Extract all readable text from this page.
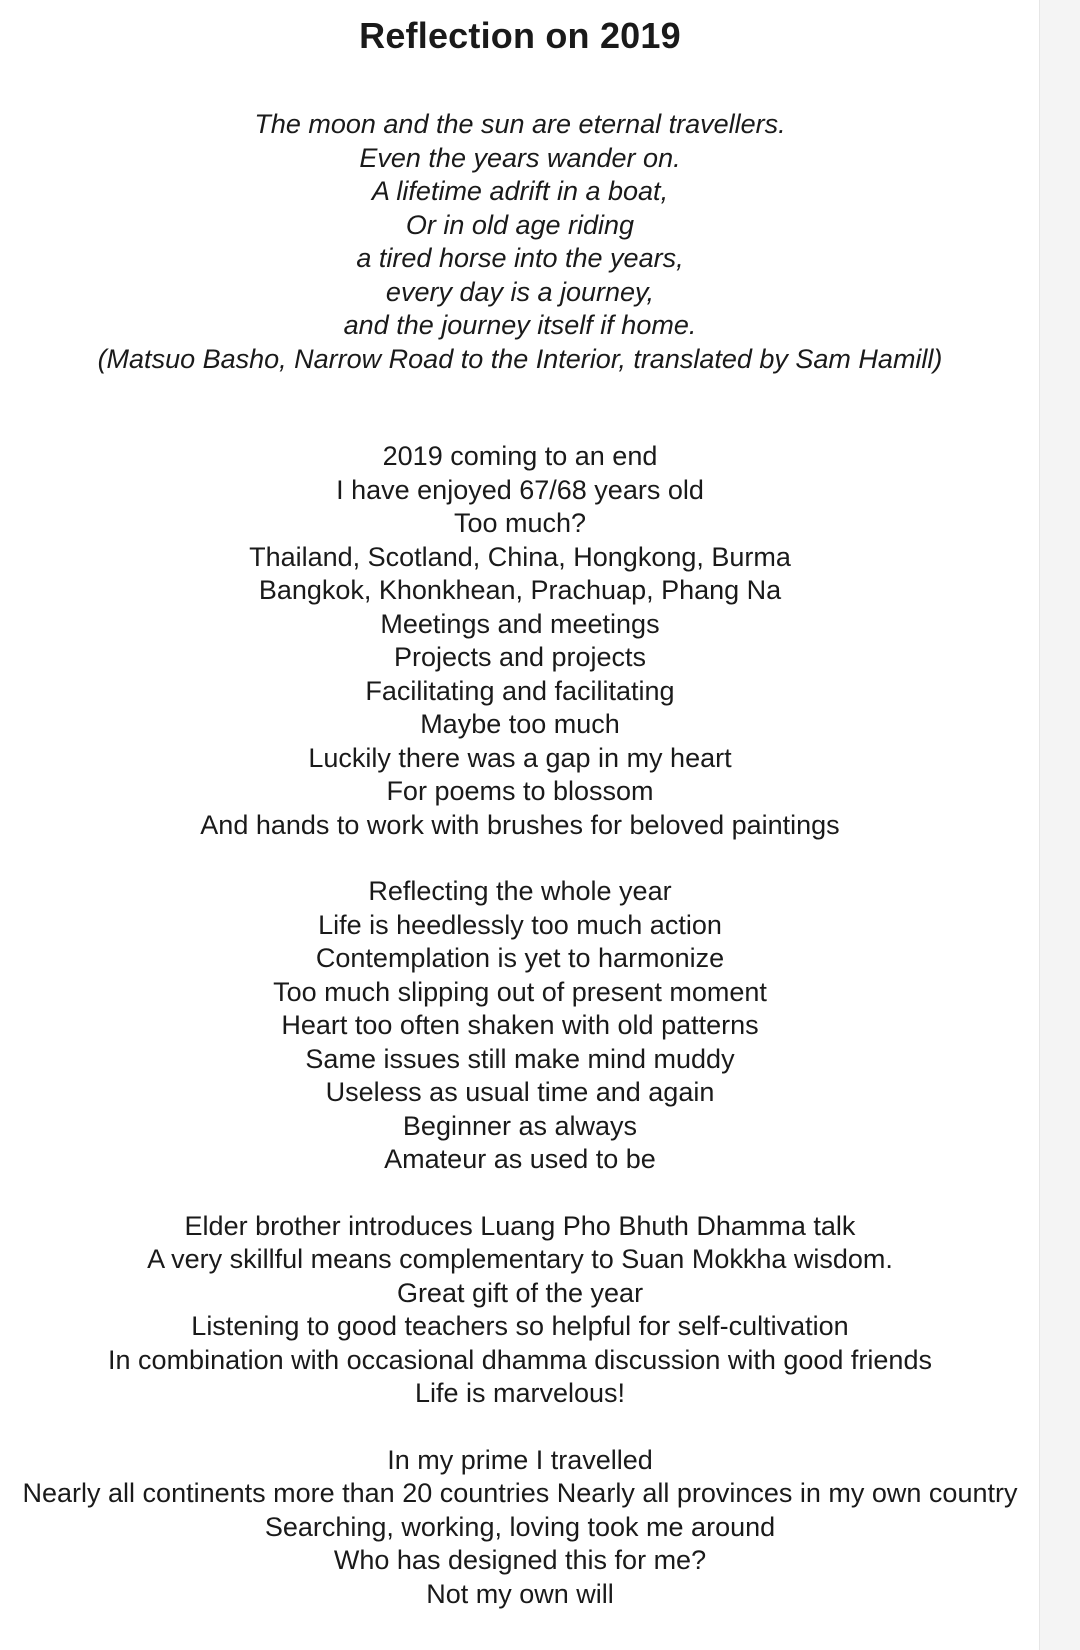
Reflection on 2019
The moon and the sun are eternal travellers.
Even the years wander on.
A lifetime adrift in a boat,
Or in old age riding
a tired horse into the years,
every day is a journey,
and the journey itself if home.
(Matsuo Basho, Narrow Road to the Interior, translated by Sam Hamill)
2019 coming to an end
I have enjoyed 67/68 years old
Too much?
Thailand, Scotland, China, Hongkong, Burma
Bangkok, Khonkhean, Prachuap, Phang Na
Meetings and meetings
Projects and projects
Facilitating and facilitating
Maybe too much
Luckily there was a gap in my heart
For poems to blossom
And hands to work with brushes for beloved paintings
Reflecting the whole year
Life is heedlessly too much action
Contemplation is yet to harmonize
Too much slipping out of present moment
Heart too often shaken with old patterns
Same issues still make mind muddy
Useless as usual time and again
Beginner as always
Amateur as used to be
Elder brother introduces Luang Pho Bhuth Dhamma talk
A very skillful means complementary to Suan Mokkha wisdom.
Great gift of the year
Listening to good teachers so helpful for self-cultivation
In combination with occasional dhamma discussion with good friends
Life is marvelous!
In my prime I travelled
Nearly all continents more than 20 countries Nearly all provinces in my own country
Searching, working, loving took me around
Who has designed this for me?
Not my own will
